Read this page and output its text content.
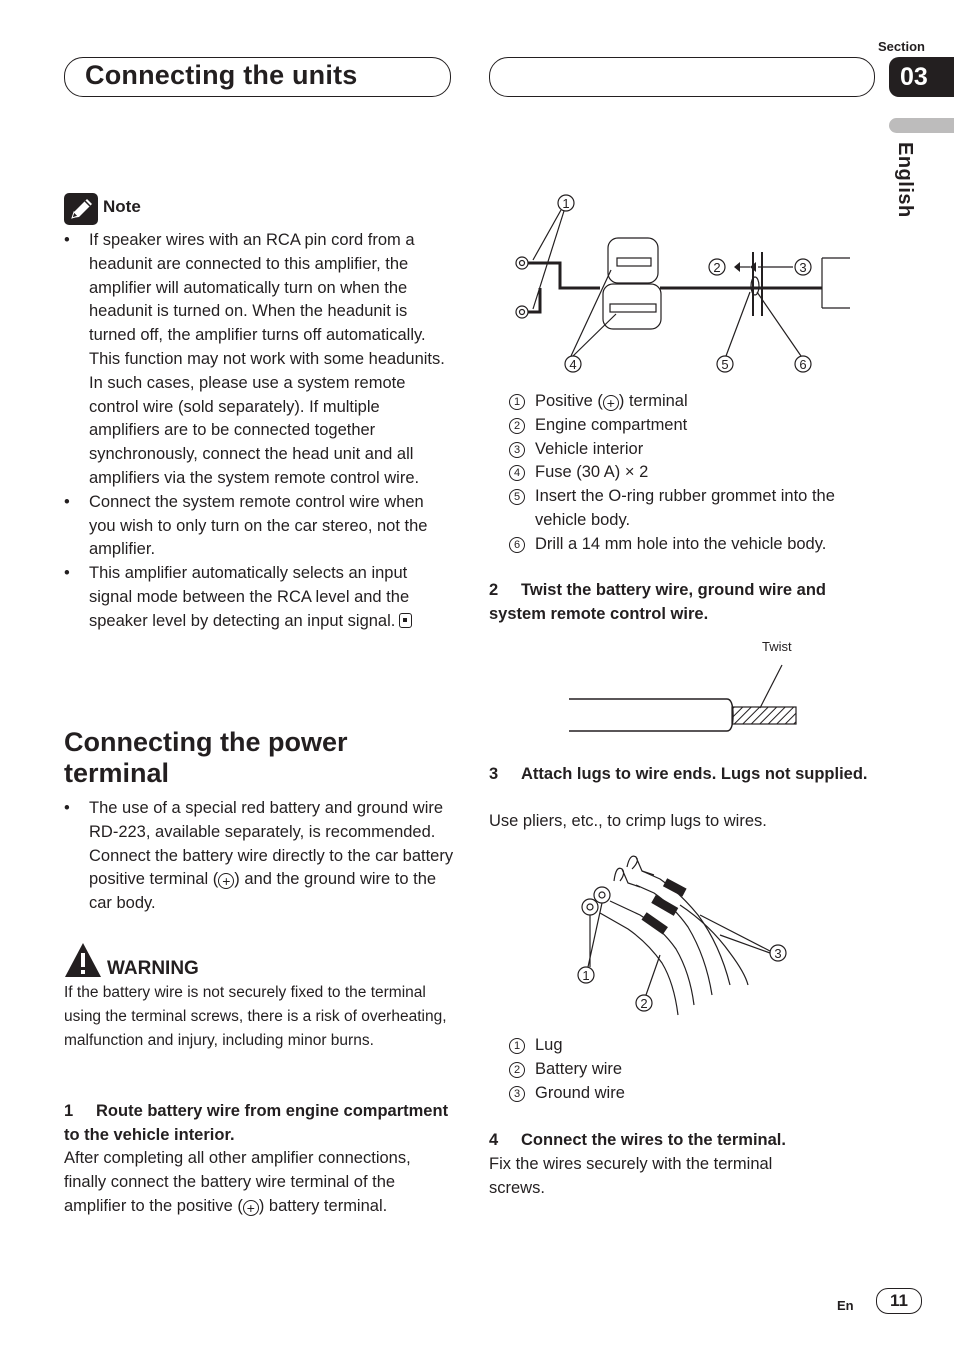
Connecting the units
Section
03
English
Note
• If speaker wires with an RCA pin cord from a headunit are connected to this amplifier, the amplifier will automatically turn on when the headunit is turned on. When the headunit is turned off, the amplifier turns off automatically. This function may not work with some headunits. In such cases, please use a system remote control wire (sold separately). If multiple amplifiers are to be connected together synchronously, connect the head unit and all amplifiers via the system remote control wire.
• Connect the system remote control wire when you wish to only turn on the car stereo, not the amplifier.
• This amplifier automatically selects an input signal mode between the RCA level and the speaker level by detecting an input signal.
Connecting the power
terminal
• The use of a special red battery and ground wire RD-223, available separately, is recommended. Connect the battery wire directly to the car battery positive terminal ( + ) and the ground wire to the car body.
WARNING
If the battery wire is not securely fixed to the terminal using the terminal screws, there is a risk of overheating, malfunction and injury, including minor burns.
1 Route battery wire from engine compartment to the vehicle interior.
After completing all other amplifier connections, finally connect the battery wire terminal of the amplifier to the positive ( + ) battery terminal.
1
2	3
4	5	6
1 Positive ( + ) terminal
2 Engine compartment
3 Vehicle interior
4 Fuse (30 A) × 2
5 Insert the O-ring rubber grommet into the vehicle body.
6 Drill a 14 mm hole into the vehicle body.
2 Twist the battery wire, ground wire and system remote control wire.
Twist
3 Attach lugs to wire ends. Lugs not supplied.
Use pliers, etc., to crimp lugs to wires.
1
2
3
1 Lug
2 Battery wire
3 Ground wire
4 Connect the wires to the terminal.
Fix the wires securely with the terminal screws.
En	11
